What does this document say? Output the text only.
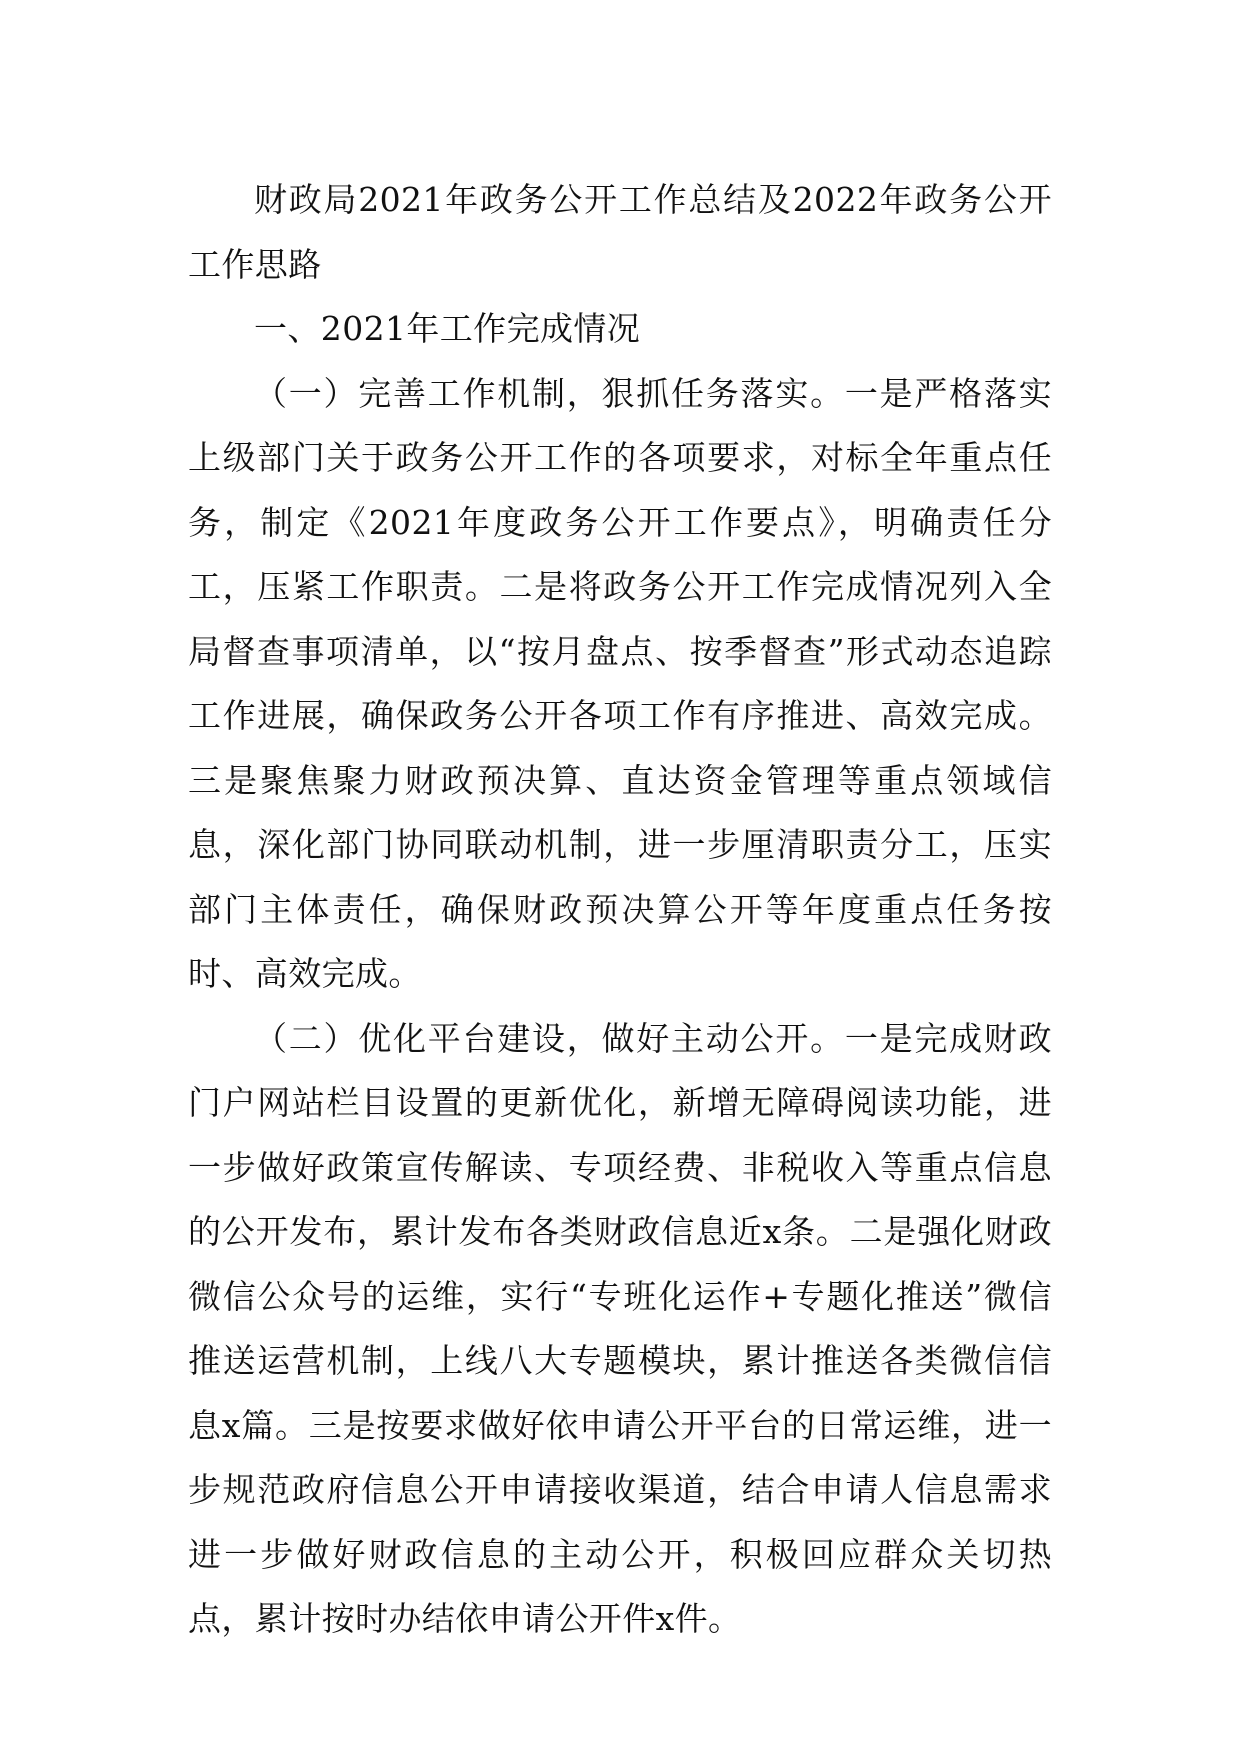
财政局2021年政务公开工作总结及2022年政务公开工作思路

一、2021年工作完成情况

（一）完善工作机制，狠抓任务落实。一是严格落实上级部门关于政务公开工作的各项要求，对标全年重点任务，制定《2021年度政务公开工作要点》，明确责任分工，压紧工作职责。二是将政务公开工作完成情况列入全局督查事项清单，以“按月盘点、按季督查”形式动态追踪工作进展，确保政务公开各项工作有序推进、高效完成。三是聚焦聚力财政预决算、直达资金管理等重点领域信息，深化部门协同联动机制，进一步厘清职责分工，压实部门主体责任，确保财政预决算公开等年度重点任务按时、高效完成。

（二）优化平台建设，做好主动公开。一是完成财政门户网站栏目设置的更新优化，新增无障碍阅读功能，进一步做好政策宣传解读、专项经费、非税收入等重点信息的公开发布，累计发布各类财政信息近x条。二是强化财政微信公众号的运维，实行“专班化运作+专题化推送”微信推送运营机制，上线八大专题模块，累计推送各类微信信息x篇。三是按要求做好依申请公开平台的日常运维，进一步规范政府信息公开申请接收渠道，结合申请人信息需求进一步做好财政信息的主动公开，积极回应群众关切热点，累计按时办结依申请公开件x件。
